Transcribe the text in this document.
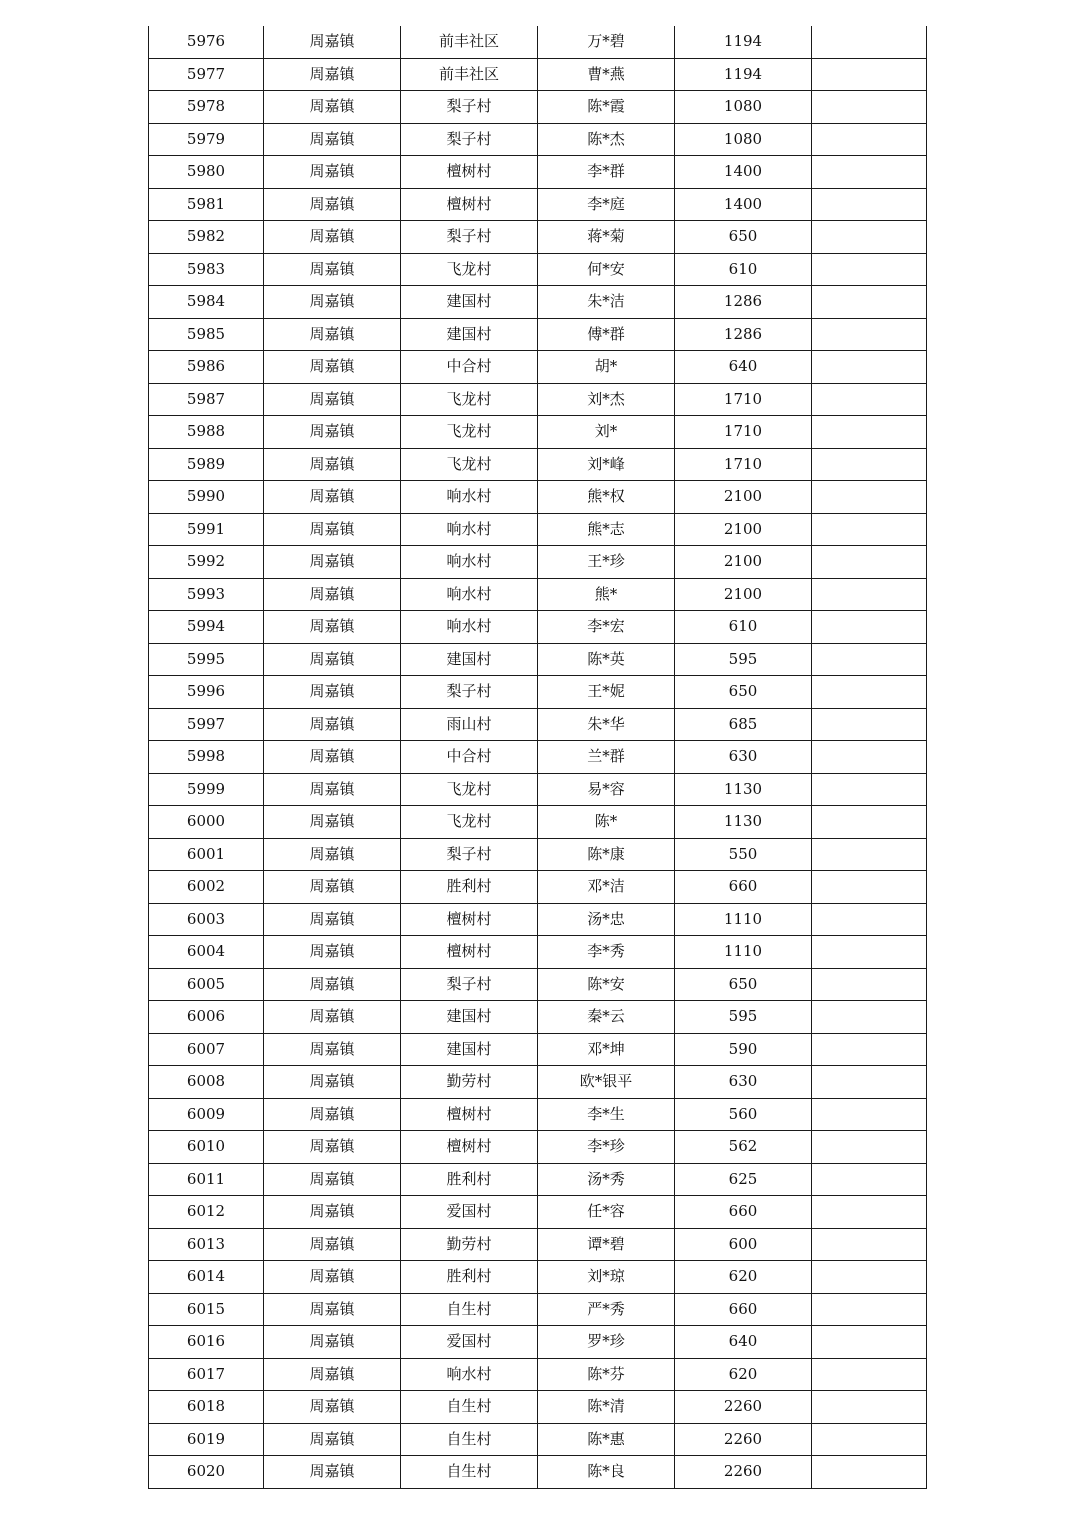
5976	周嘉镇	前丰社区	万*碧	1194	
5977	周嘉镇	前丰社区	曹*燕	1194	
5978	周嘉镇	梨子村	陈*霞	1080	
5979	周嘉镇	梨子村	陈*杰	1080	
5980	周嘉镇	檀树村	李*群	1400	
5981	周嘉镇	檀树村	李*庭	1400	
5982	周嘉镇	梨子村	蒋*菊	650	
5983	周嘉镇	飞龙村	何*安	610	
5984	周嘉镇	建国村	朱*洁	1286	
5985	周嘉镇	建国村	傅*群	1286	
5986	周嘉镇	中合村	胡*	640	
5987	周嘉镇	飞龙村	刘*杰	1710	
5988	周嘉镇	飞龙村	刘*	1710	
5989	周嘉镇	飞龙村	刘*峰	1710	
5990	周嘉镇	响水村	熊*权	2100	
5991	周嘉镇	响水村	熊*志	2100	
5992	周嘉镇	响水村	王*珍	2100	
5993	周嘉镇	响水村	熊*	2100	
5994	周嘉镇	响水村	李*宏	610	
5995	周嘉镇	建国村	陈*英	595	
5996	周嘉镇	梨子村	王*妮	650	
5997	周嘉镇	雨山村	朱*华	685	
5998	周嘉镇	中合村	兰*群	630	
5999	周嘉镇	飞龙村	易*容	1130	
6000	周嘉镇	飞龙村	陈*	1130	
6001	周嘉镇	梨子村	陈*康	550	
6002	周嘉镇	胜利村	邓*洁	660	
6003	周嘉镇	檀树村	汤*忠	1110	
6004	周嘉镇	檀树村	李*秀	1110	
6005	周嘉镇	梨子村	陈*安	650	
6006	周嘉镇	建国村	秦*云	595	
6007	周嘉镇	建国村	邓*坤	590	
6008	周嘉镇	勤劳村	欧*银平	630	
6009	周嘉镇	檀树村	李*生	560	
6010	周嘉镇	檀树村	李*珍	562	
6011	周嘉镇	胜利村	汤*秀	625	
6012	周嘉镇	爱国村	任*容	660	
6013	周嘉镇	勤劳村	谭*碧	600	
6014	周嘉镇	胜利村	刘*琼	620	
6015	周嘉镇	自生村	严*秀	660	
6016	周嘉镇	爱国村	罗*珍	640	
6017	周嘉镇	响水村	陈*芬	620	
6018	周嘉镇	自生村	陈*清	2260	
6019	周嘉镇	自生村	陈*惠	2260	
6020	周嘉镇	自生村	陈*良	2260	
